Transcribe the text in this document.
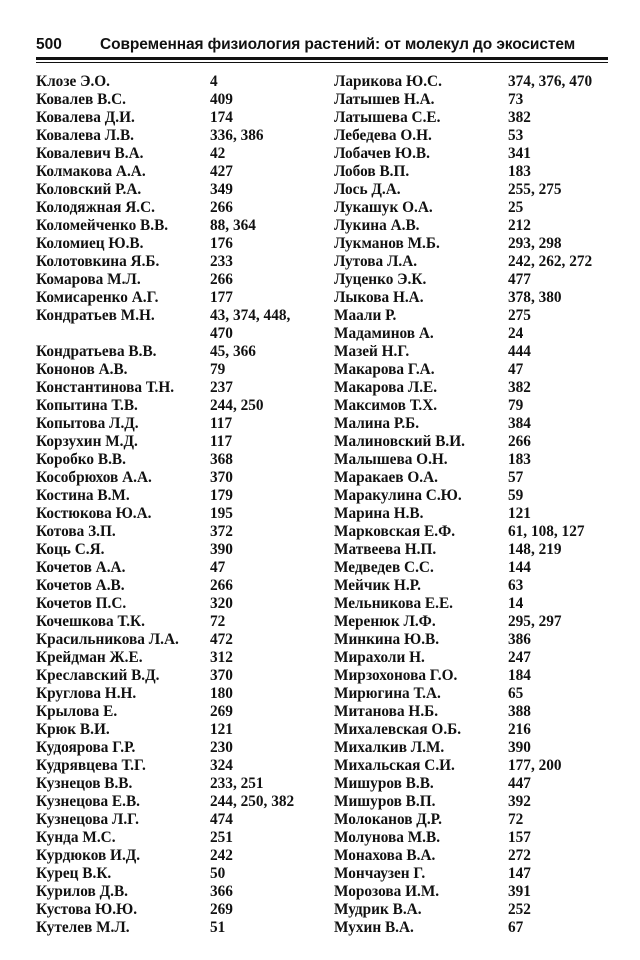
500 Современная физиология растений: от молекул до экосистем
Клозе Э.О.	4
Ковалев В.С.	409
Ковалева Д.И.	174
Ковалева Л.В.	336, 386
Ковалевич В.А.	42
Колмакова А.А.	427
Коловский Р.А.	349
Колодяжная Я.С.	266
Коломейченко В.В.	88, 364
Коломиец Ю.В.	176
Колотовкина Я.Б.	233
Комарова М.Л.	266
Комисаренко А.Г.	177
Кондратьев М.Н.	43, 374, 448, 470
Кондратьева В.В.	45, 366
Кононов А.В.	79
Константинова Т.Н. 237
Копытина Т.В.	244, 250
Копытова Л.Д.	117
Корзухин М.Д.	117
Коробко В.В.	368
Кособрюхов А.А.	370
Костина В.М.	179
Костюкова Ю.А.	195
Котова З.П.	372
Коць С.Я.	390
Кочетов А.А.	47
Кочетов А.В.	266
Кочетов П.С.	320
Кочешкова Т.К.	72
Красильникова Л.А. 472
Крейдман Ж.Е.	312
Креславский В.Д.	370
Круглова Н.Н.	180
Крылова Е.	269
Крюк В.И.	121
Кудоярова Г.Р.	230
Кудрявцева Т.Г.	324
Кузнецов В.В.	233, 251
Кузнецова Е.В.	244, 250, 382
Кузнецова Л.Г.	474
Кунда М.С.	251
Курдюков И.Д.	242
Курец В.К.	50
Курилов Д.В.	366
Кустова Ю.Ю.	269
Кутелев М.Л.	51
Ларикова Ю.С.	374, 376, 470
Латышев Н.А.	73
Латышева С.Е.	382
Лебедева О.Н.	53
Лобачев Ю.В.	341
Лобов В.П.	183
Лось Д.А.	255, 275
Лукашук О.А.	25
Лукина А.В.	212
Лукманов М.Б.	293, 298
Лутова Л.А.	242, 262, 272
Луценко Э.К.	477
Лыкова Н.А.	378, 380
Маали Р.	275
Мадаминов А.	24
Мазей Н.Г.	444
Макарова Г.А.	47
Макарова Л.Е.	382
Максимов Т.Х.	79
Малина Р.Б.	384
Малиновский В.И.	266
Малышева О.Н.	183
Маракаев О.А.	57
Маракулина С.Ю.	59
Марина Н.В.	121
Марковская Е.Ф.	61, 108, 127
Матвеева Н.П.	148, 219
Медведев С.С.	144
Мейчик Н.Р.	63
Мельникова Е.Е.	14
Меренюк Л.Ф.	295, 297
Минкина Ю.В.	386
Мирахоли Н.	247
Мирзохонова Г.О.	184
Мирюгина Т.А.	65
Митанова Н.Б.	388
Михалевская О.Б.	216
Михалкив Л.М.	390
Михальская С.И.	177, 200
Мишуров В.В.	447
Мишуров В.П.	392
Молоканов Д.Р.	72
Молунова М.В.	157
Монахова В.А.	272
Мончаузен Г.	147
Морозова И.М.	391
Мудрик В.А.	252
Мухин В.А.	67
